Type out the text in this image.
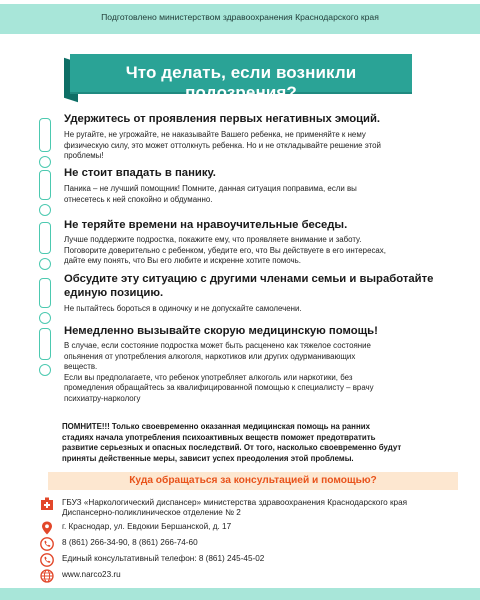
Подготовлено министерством здравоохранения Краснодарского края
Что делать, если возникли подозрения?
Удержитесь от проявления первых негативных эмоций.

Не ругайте, не угрожайте, не наказывайте Вашего ребенка, не применяйте к нему
физическую силу, это может оттолкнуть ребенка. Но и не откладывайте решение этой
проблемы!

Не стоит впадать в панику.

Паника – не лучший помощник! Помните, данная ситуация поправима, если вы
отнесетесь к ней спокойно и обдуманно.

Не теряйте времени на нравоучительные беседы.

Лучше поддержите подростка, покажите ему, что проявляете внимание и заботу.
Поговорите доверительно с ребенком, убедите его, что Вы действуете в его интересах,
дайте ему понять, что Вы его любите и искренне хотите помочь.

Обсудите эту ситуацию с другими членами семьи и выработайте
единую позицию.

Не пытайтесь бороться в одиночку и не допускайте самолечени.

Немедленно вызывайте скорую медицинскую помощь!

В случае, если состояние подростка может быть расценено как тяжелое состояние
опьянения от употребления алкоголя, наркотиков или других одурманивающих
веществ.
Если вы предполагаете, что ребенок употребляет алкоголь или наркотики, без
промедления обращайтесь за квалифицированной помощью к специалисту – врачу
психиатру-наркологу

ПОМНИТЕ!!! Только своевременно оказанная медицинская помощь на ранних
стадиях начала употребления психоактивных веществ поможет предотвратить
развитие серьезных и опасных последствий. От того, насколько своевременно будут
приняты действенные меры, зависит успех преодоления этой проблемы.
Куда обращаться за консультацией и помощью?
ГБУЗ «Наркологический диспансер» министерства здравоохранения Краснодарского края
Диспансерно-поликлиническое отделение № 2
г. Краснодар, ул. Евдокии Бершанской, д. 17
8 (861) 266-34-90, 8 (861) 266-74-60
Единый консультативный телефон: 8 (861) 245-45-02
www.narco23.ru
